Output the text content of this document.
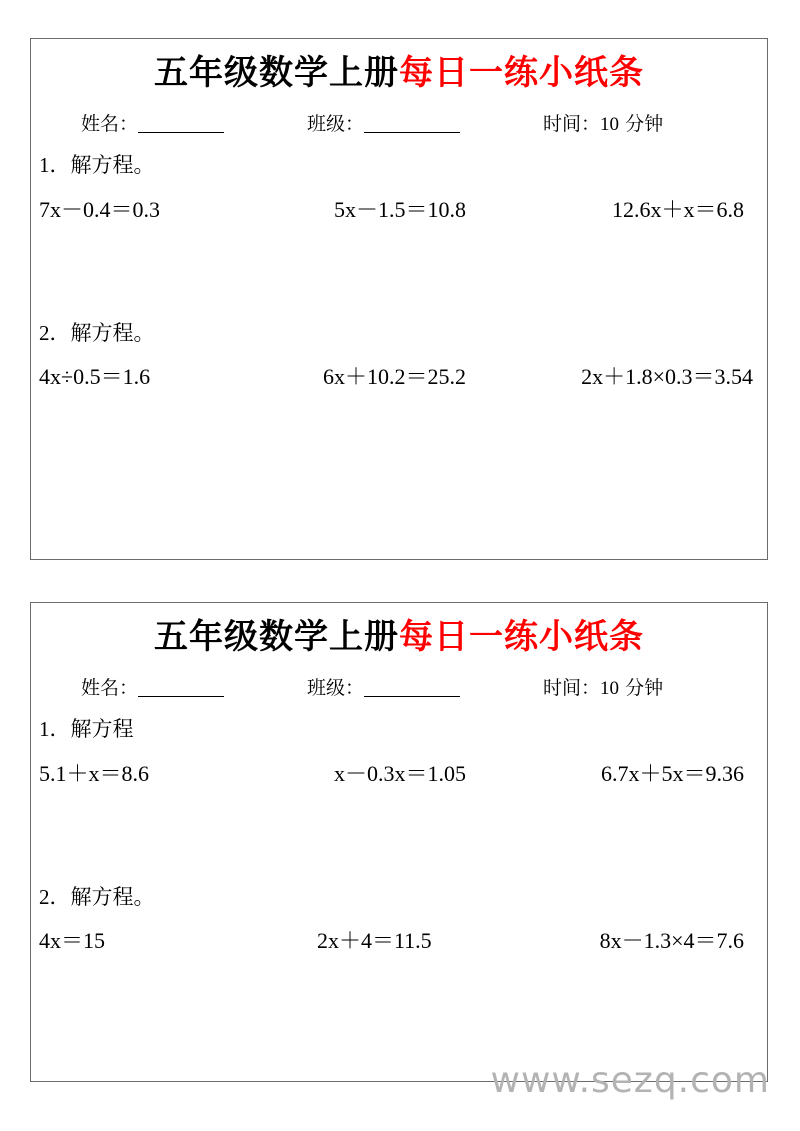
五年级数学上册每日一练小纸条
姓名：	班级：	时间：10 分钟
1．解方程。
7x－0.4＝0.3	5x－1.5＝10.8	12.6x＋x＝6.8
2．解方程。
4x÷0.5＝1.6	6x＋10.2＝25.2	2x＋1.8×0.3＝3.54
五年级数学上册每日一练小纸条
姓名：	班级：	时间：10 分钟
1．解方程
5.1＋x＝8.6	x－0.3x＝1.05	6.7x＋5x＝9.36
2．解方程。
4x＝15	2x＋4＝11.5	8x－1.3×4＝7.6
www.sezq.com
